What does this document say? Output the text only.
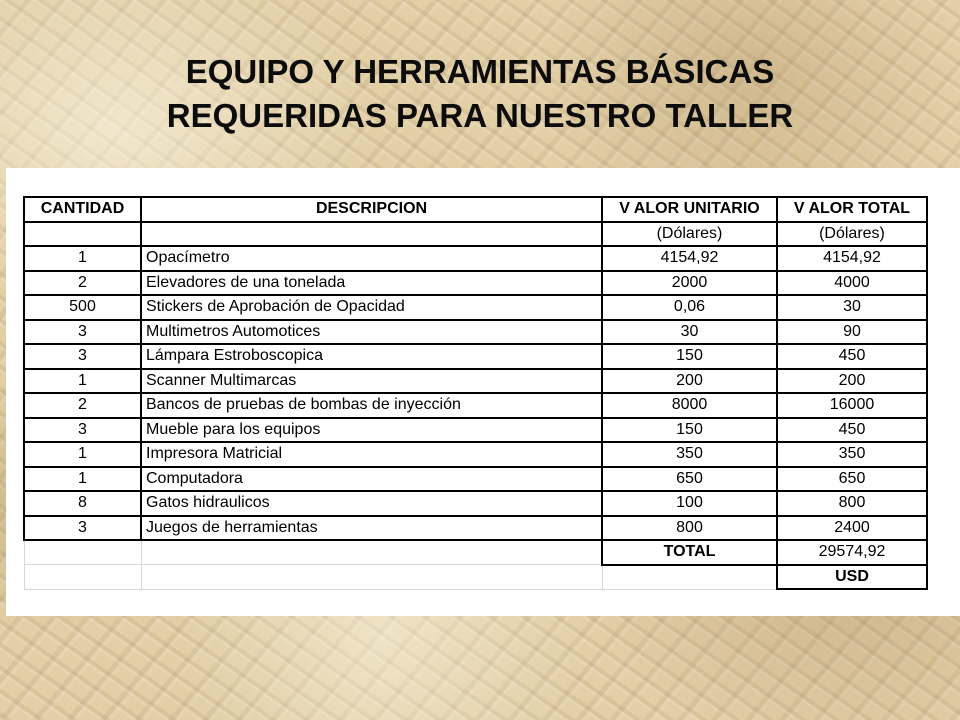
EQUIPO Y HERRAMIENTAS BÁSICAS
REQUERIDAS PARA NUESTRO TALLER
CANTIDAD	DESCRIPCION	V ALOR UNITARIO	V ALOR TOTAL
		(Dólares)	(Dólares)
1	Opacímetro	4154,92	4154,92
2	Elevadores de una tonelada	2000	4000
500	Stickers de Aprobación de Opacidad	0,06	30
3	Multimetros Automotices	30	90
3	Lámpara Estroboscopica	150	450
1	Scanner Multimarcas	200	200
2	Bancos de pruebas de bombas de inyección	8000	16000
3	Mueble para los equipos	150	450
1	Impresora Matricial	350	350
1	Computadora	650	650
8	Gatos hidraulicos	100	800
3	Juegos de herramientas	800	2400
		TOTAL	29574,92
			USD
